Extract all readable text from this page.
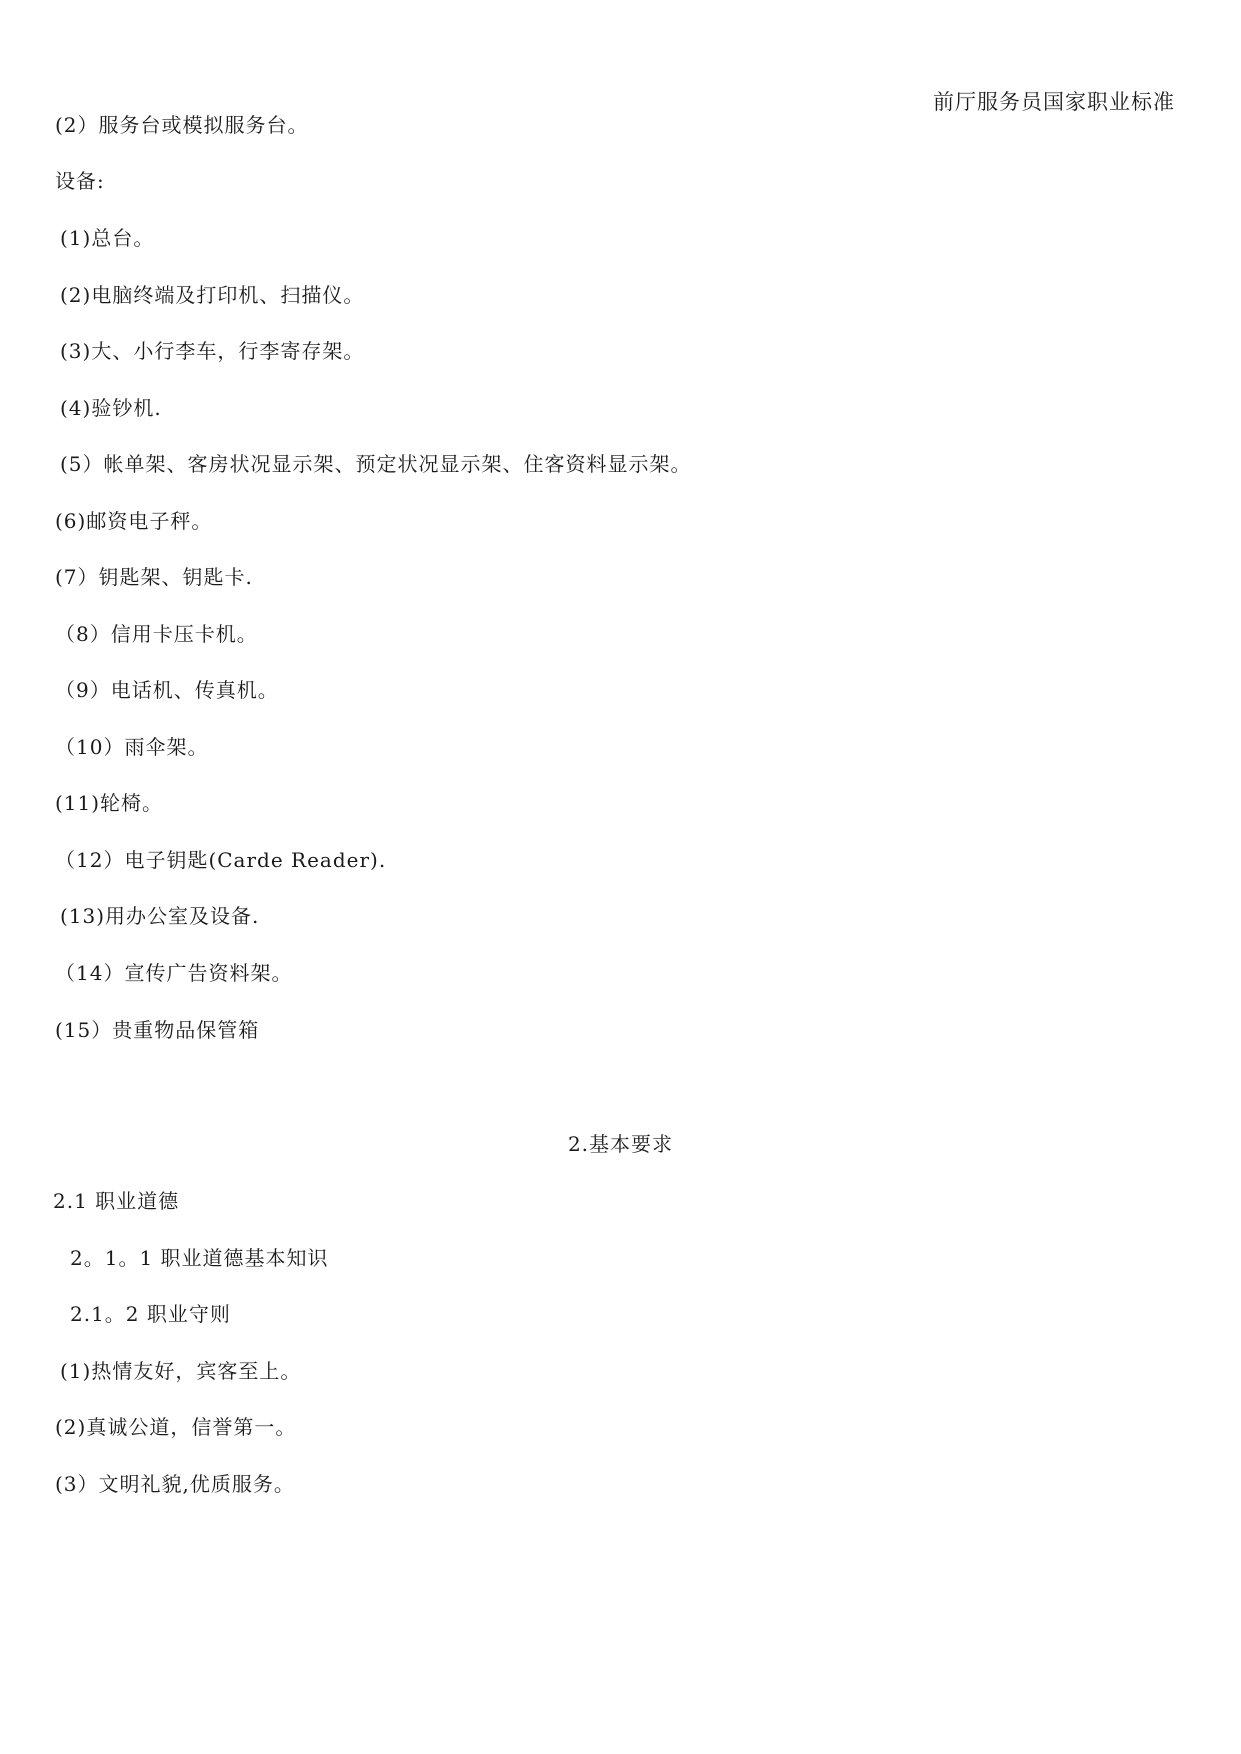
前厅服务员国家职业标准
(2）服务台或模拟服务台。
设备:
(1)总台。
(2)电脑终端及打印机、扫描仪。
(3)大、小行李车，行李寄存架。
(4)验钞机.
(5）帐单架、客房状况显示架、预定状况显示架、住客资料显示架。
(6)邮资电子秤。
(7）钥匙架、钥匙卡.
（8）信用卡压卡机。
（9）电话机、传真机。
（10）雨伞架。
(11)轮椅。
（12）电子钥匙(Carde Reader).
(13)用办公室及设备.
（14）宣传广告资料架。
(15）贵重物品保管箱
2.基本要求
2.1 职业道德
2。1。1 职业道德基本知识
2.1。2 职业守则
(1)热情友好，宾客至上。
(2)真诚公道，信誉第一。
(3）文明礼貌,优质服务。
